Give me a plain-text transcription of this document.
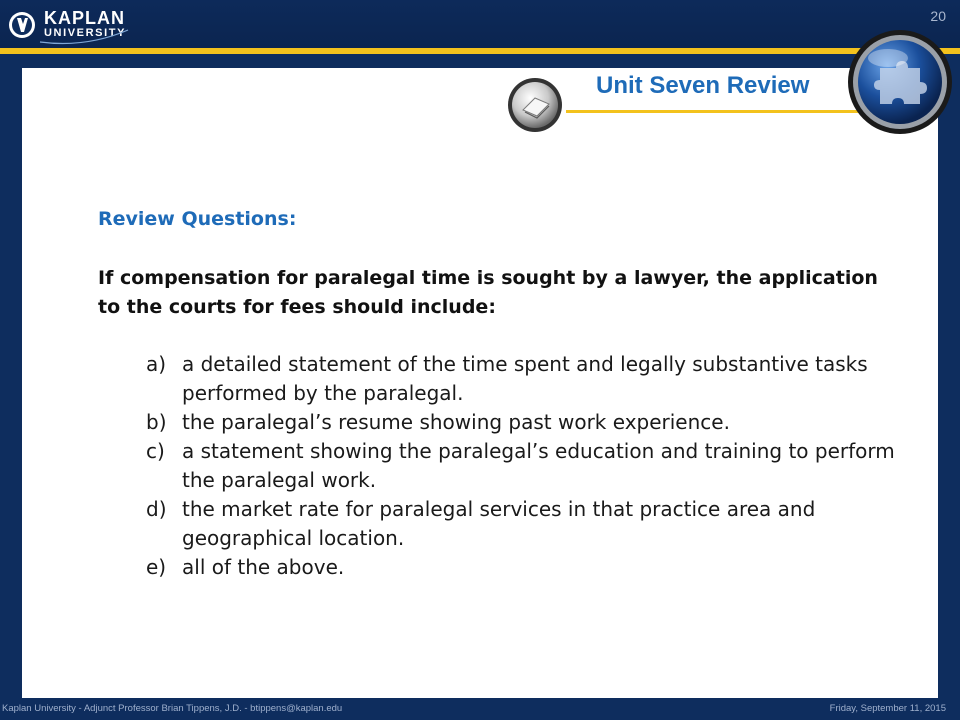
KAPLAN
UNIVERSITY
20
Unit Seven Review
Review Questions:
If compensation for paralegal time is sought by a lawyer, the application to the courts for fees should include:
a) a detailed statement of the time spent and legally substantive tasks performed by the paralegal.
b) the paralegal’s resume showing past work experience.
c) a statement showing the paralegal’s education and training to perform the paralegal work.
d) the market rate for paralegal services in that practice area and geographical location.
e) all of the above.
Kaplan University - Adjunct Professor Brian Tippens, J.D. - btippens@kaplan.edu	Friday, September 11, 2015
